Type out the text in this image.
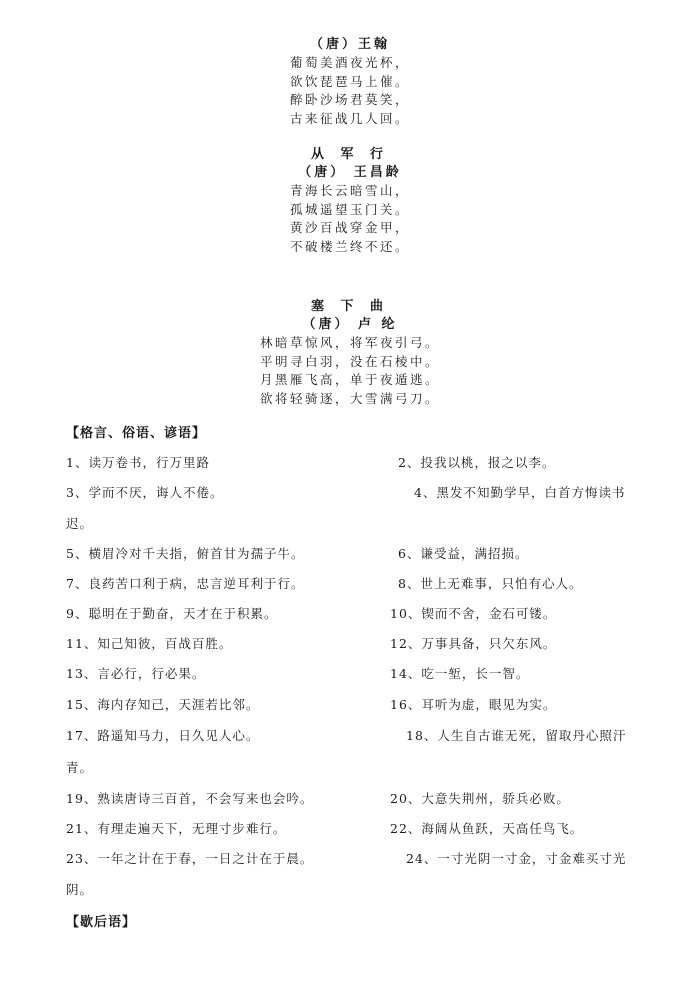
（唐）王翰
葡萄美酒夜光杯，
欲饮琵琶马上催。
醉卧沙场君莫笑，
古来征战几人回。
从 军 行
（唐） 王昌龄
青海长云暗雪山，
孤城遥望玉门关。
黄沙百战穿金甲，
不破楼兰终不还。
塞 下 曲
（唐） 卢 纶
林暗草惊风，将军夜引弓。
平明寻白羽，没在石棱中。
月黑雁飞高，单于夜遁逃。
欲将轻骑逐，大雪满弓刀。
【格言、俗语、谚语】
1、读万卷书，行万里路	2、投我以桃，报之以李。
3、学而不厌，诲人不倦。	4、黑发不知勤学早，白首方悔读书
迟。
5、横眉冷对千夫指，俯首甘为孺子牛。	6、谦受益，满招损。
7、良药苦口利于病，忠言逆耳利于行。	8、世上无难事，只怕有心人。
9、聪明在于勤奋，天才在于积累。	10、锲而不舍，金石可镂。
11、知己知彼，百战百胜。	12、万事具备，只欠东风。
13、言必行，行必果。	14、吃一堑，长一智。
15、海内存知己，天涯若比邻。	16、耳听为虚，眼见为实。
17、路遥知马力，日久见人心。	18、人生自古谁无死，留取丹心照汗
青。
19、熟读唐诗三百首，不会写来也会吟。	20、大意失荆州，骄兵必败。
21、有理走遍天下，无理寸步难行。	22、海阔从鱼跃，天高任鸟飞。
23、一年之计在于春，一日之计在于晨。	24、一寸光阴一寸金，寸金难买寸光
阴。
【歇后语】
